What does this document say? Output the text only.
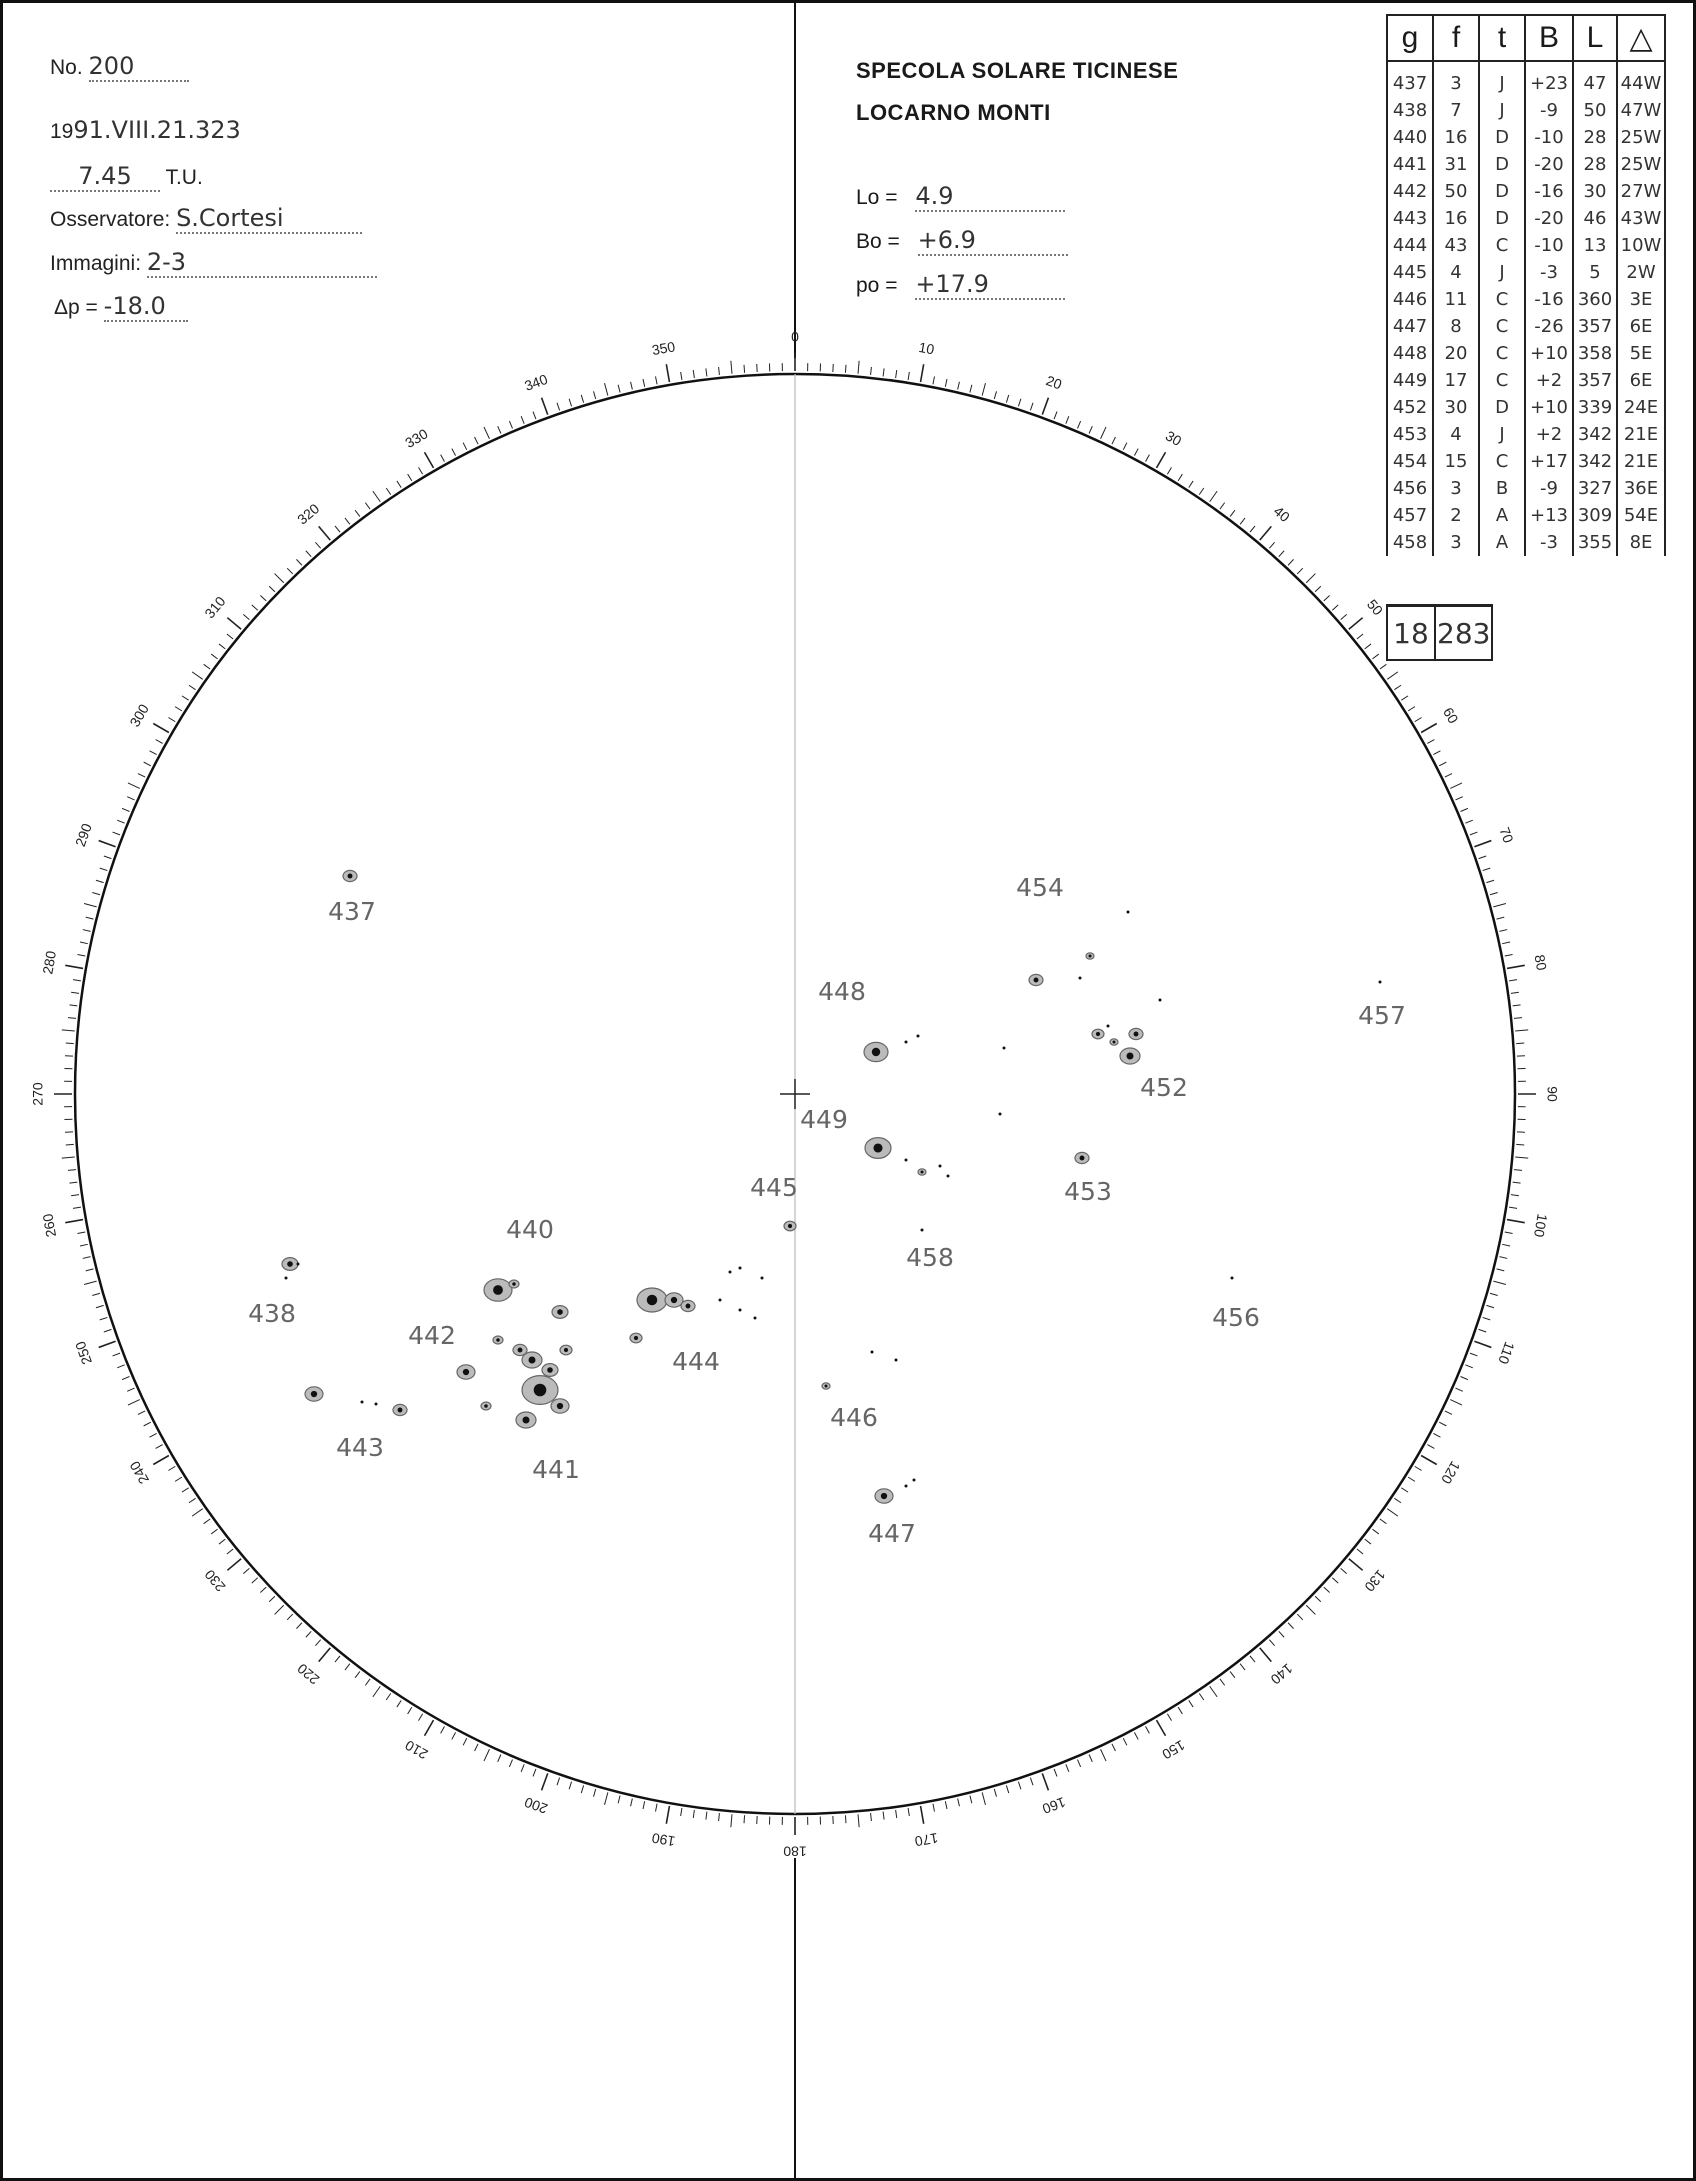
No. 200
1991.VIII.21.323
7.45 T.U.
Osservatore: S.Cortesi
Immagini: 2-3
Δp = -18.0
SPECOLA SOLARE TICINESE
LOCARNO MONTI
Lo = 4.9
Bo = +6.9
po = +17.9
g	f	t	B	L	△
437	3	J	+23	47	44W
438	7	J	-9	50	47W
440	16	D	-10	28	25W
441	31	D	-20	28	25W
442	50	D	-16	30	27W
443	16	D	-20	46	43W
444	43	C	-10	13	10W
445	4	J	-3	5	2W
446	11	C	-16	360	3E
447	8	C	-26	357	6E
448	20	C	+10	358	5E
449	17	C	+2	357	6E
452	30	D	+10	339	24E
453	4	J	+2	342	21E
454	15	C	+17	342	21E
456	3	B	-9	327	36E
457	2	A	+13	309	54E
458	3	A	-3	355	8E
18	283
0
10
20
30
40
50
60
70
80
90
100
110
120
130
140
150
160
170
180
190
200
210
220
230
240
250
260
270
280
290
300
310
320
330
340
350
437
438
440
441
442
443
444
445
446
447
448
449
452
453
454
456
457
458
